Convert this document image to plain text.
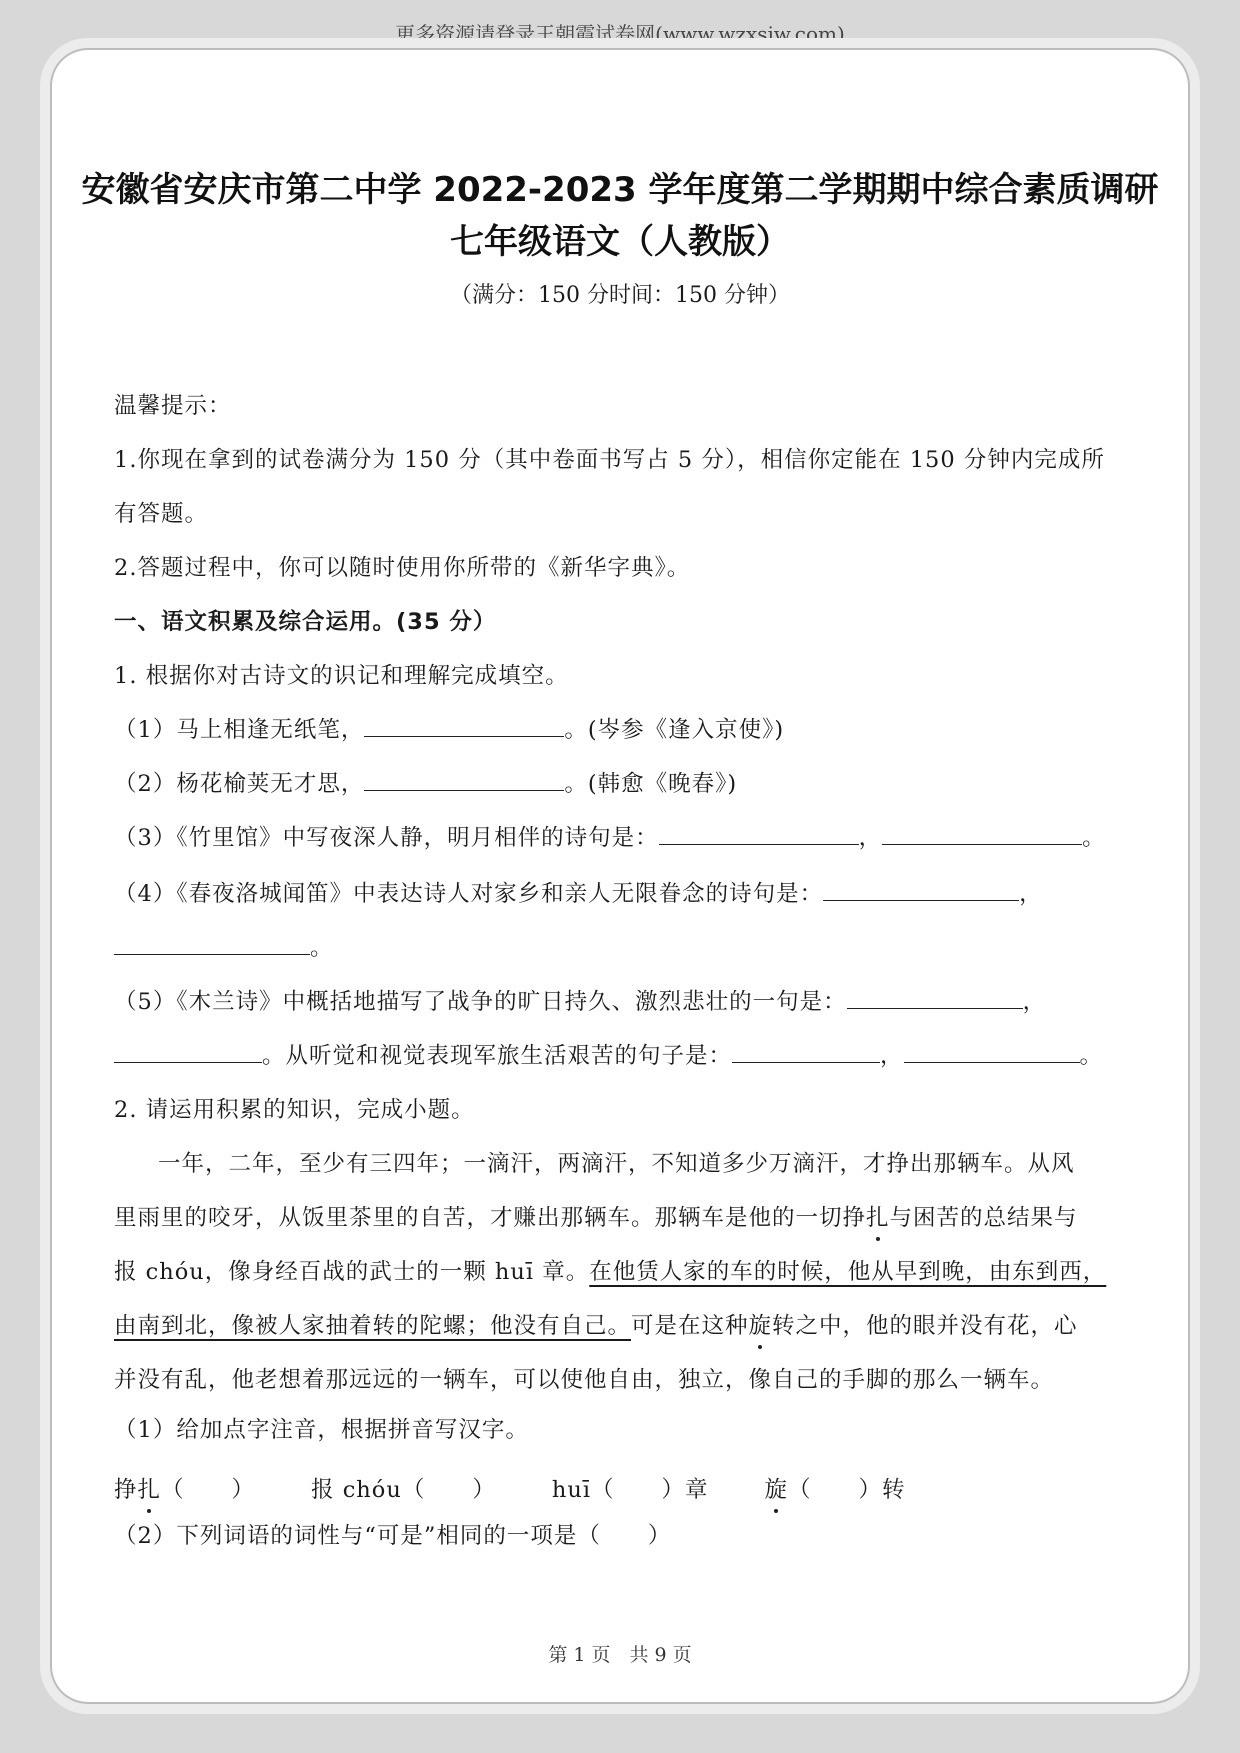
更多资源请登录王朝霞试卷网(www.wzxsjw.com)
安徽省安庆市第二中学 2022-2023 学年度第二学期期中综合素质调研
七年级语文（人教版）
（满分：150 分时间：150 分钟）
温馨提示：
1.你现在拿到的试卷满分为 150 分（其中卷面书写占 5 分），相信你定能在 150 分钟内完成所
有答题。
2.答题过程中，你可以随时使用你所带的《新华字典》。
一、语文积累及综合运用。(35 分）
1. 根据你对古诗文的识记和理解完成填空。
（1）马上相逢无纸笔，	。(岑参《逢入京使》)
（2）杨花榆荚无才思，	。(韩愈《晚春》)
（3）《竹里馆》中写夜深人静，明月相伴的诗句是：	，	。
（4）《春夜洛城闻笛》中表达诗人对家乡和亲人无限眷念的诗句是：	，
。
（5）《木兰诗》中概括地描写了战争的旷日持久、激烈悲壮的一句是：	，
。从听觉和视觉表现军旅生活艰苦的句子是：	，	。
2. 请运用积累的知识，完成小题。
一年，二年，至少有三四年；一滴汗，两滴汗，不知道多少万滴汗，才挣出那辆车。从风
里雨里的咬牙，从饭里茶里的自苦，才赚出那辆车。那辆车是他的一切挣扎与困苦的总结果与
报 chóu，像身经百战的武士的一颗 huī 章。在他赁人家的车的时候，他从早到晚，由东到西，
由南到北，像被人家抽着转的陀螺；他没有自己。可是在这种旋转之中，他的眼并没有花，心
并没有乱，他老想着那远远的一辆车，可以使他自由，独立，像自己的手脚的那么一辆车。
（1）给加点字注音，根据拼音写汉字。
挣扎（　　） 报 chóu（　　） huī（　　）章 旋（　　）转
（2）下列词语的词性与“可是”相同的一项是（　　）
第 1 页　共 9 页
